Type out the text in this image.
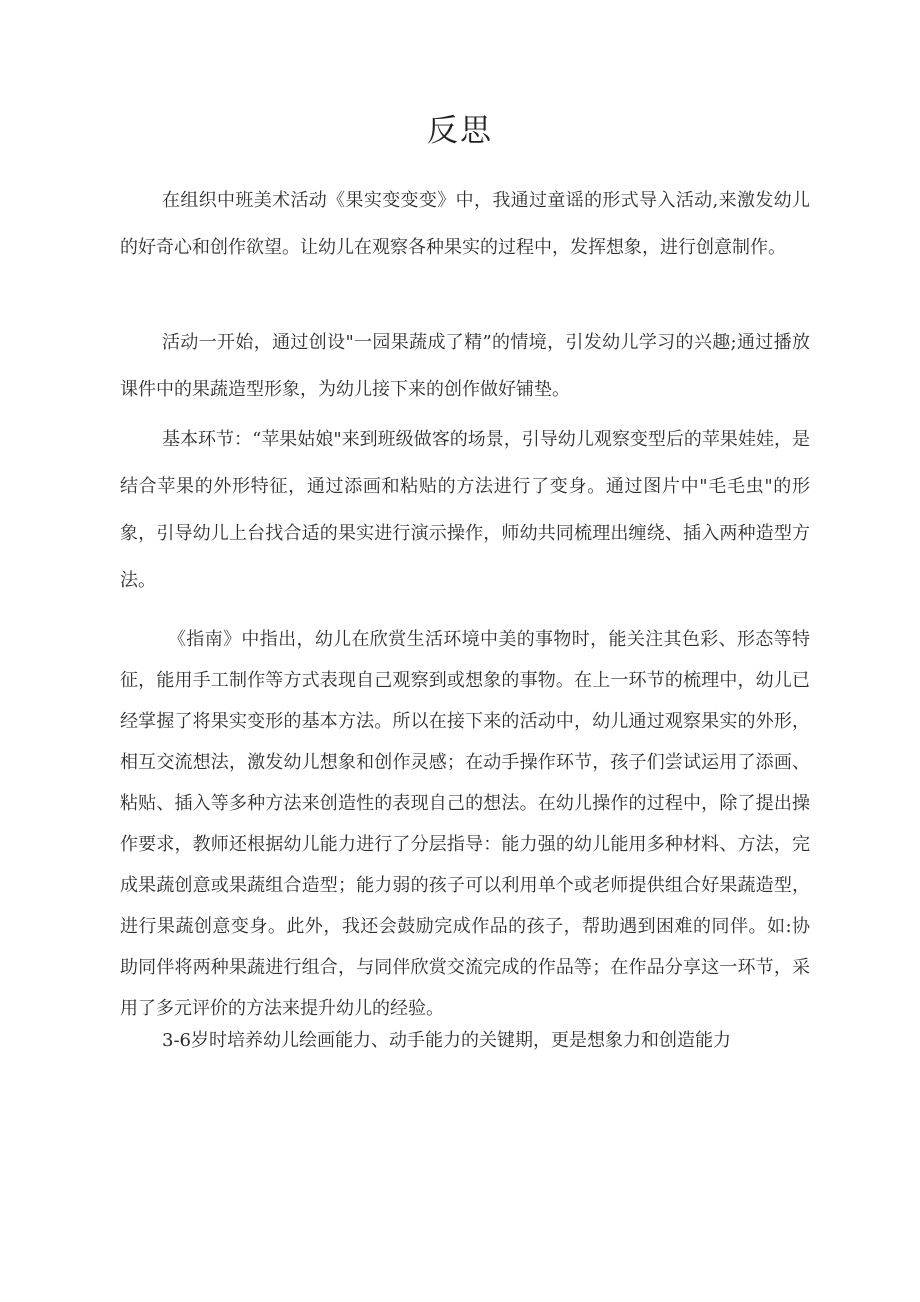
反思

在组织中班美术活动《果实变变变》中，我通过童谣的形式导入活动,来激发幼儿的好奇心和创作欲望。让幼儿在观察各种果实的过程中，发挥想象，进行创意制作。

活动一开始，通过创设"一园果蔬成了精”的情境，引发幼儿学习的兴趣;通过播放课件中的果蔬造型形象，为幼儿接下来的创作做好铺垫。

基本环节：“苹果姑娘"来到班级做客的场景，引导幼儿观察变型后的苹果娃娃，是结合苹果的外形特征，通过添画和粘贴的方法进行了变身。通过图片中"毛毛虫"的形象，引导幼儿上台找合适的果实进行演示操作，师幼共同梳理出缠绕、插入两种造型方法。

《指南》中指出，幼儿在欣赏生活环境中美的事物时，能关注其色彩、形态等特征，能用手工制作等方式表现自己观察到或想象的事物。在上一环节的梳理中，幼儿已经掌握了将果实变形的基本方法。所以在接下来的活动中，幼儿通过观察果实的外形，相互交流想法，激发幼儿想象和创作灵感；在动手操作环节，孩子们尝试运用了添画、粘贴、插入等多种方法来创造性的表现自己的想法。在幼儿操作的过程中，除了提出操作要求，教师还根据幼儿能力进行了分层指导：能力强的幼儿能用多种材料、方法，完成果蔬创意或果蔬组合造型；能力弱的孩子可以利用单个或老师提供组合好果蔬造型，进行果蔬创意变身。此外，我还会鼓励完成作品的孩子，帮助遇到困难的同伴。如:协助同伴将两种果蔬进行组合，与同伴欣赏交流完成的作品等；在作品分享这一环节，采用了多元评价的方法来提升幼儿的经验。

3-6岁时培养幼儿绘画能力、动手能力的关键期，更是想象力和创造能力
